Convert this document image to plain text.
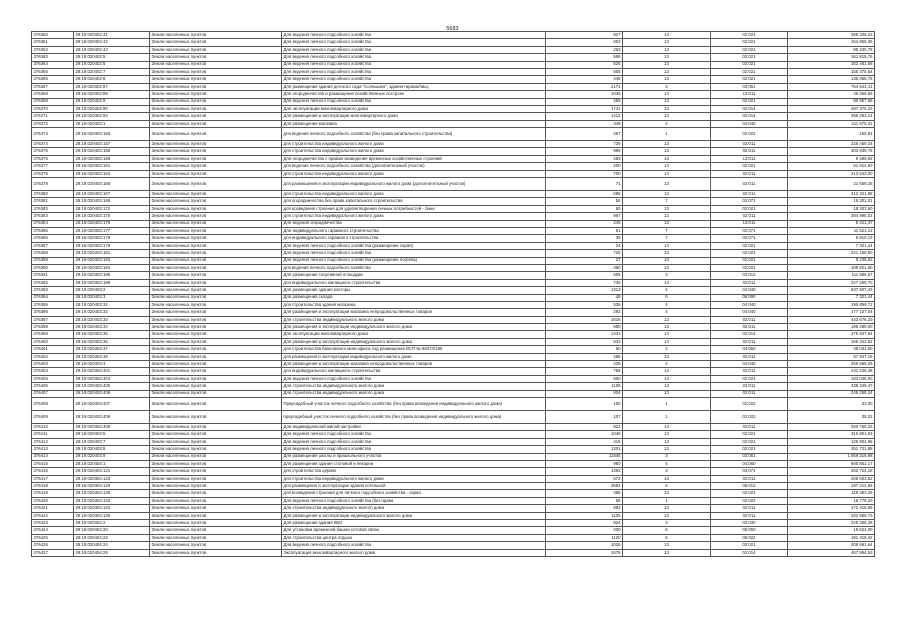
5683
376360	29:19:020402:41	Земли населенных пунктов	Для ведения личного подсобного хозяйства	827	13	02:021	255 335,22
376361	29:19:020402:42	Земли населенных пунктов	Для ведения личного подсобного хозяйства	603	13	02:021	164 856,36
376362	29:19:020402:43	Земли населенных пунктов	Для ведения личного подсобного хозяйства	263	13	02:021	89 230,78
376363	29:19:020402:5	Земли населенных пунктов	Для ведения личного подсобного хозяйства	596	13	02:021	161 815,76
376364	29:19:020402:6	Земли населенных пунктов	Для ведения личного подсобного хозяйства	526	13	02:021	162 461,56
376365	29:19:020402:7	Земли населенных пунктов	Для ведения личного подсобного хозяйства	505	13	02:021	155 375,54
376366	29:19:020402:8	Земли населенных пунктов	Для ведения личного подсобного хозяйства	448	13	02:021	136 056,76
376367	29:19:020402:87	Земли населенных пунктов	Для размещения здания детского сада "Солнышко", здания-гаража/пищ.	2171	3	03:051	754 643,41
376368	29:19:020402:89	Земли населенных пунктов	Для огородничества и размещения хозяйственных построек	1046	13	13:011	35 066,65
376369	29:19:020402:9	Земли населенных пунктов	Для ведения личного подсобного хозяйства	256	13	02:021	80 907,68
376370	29:19:020402:90	Земли населенных пунктов	Для эксплуатации многоквартирного дома	1741	13	02:014	487 375,32
376371	29:19:020402:93	Земли населенных пунктов	Для размещения и эксплуатации многоквартирного дома	1412	13	02:014	395 283,14
376372	29:19:020403:1	Земли населенных пунктов	Для размещения магазина	349	4	04:040	211 675,31
376373	29:19:020403:155	Земли населенных пунктов	для ведения личного подсобного хозяйства (без права капитального строительства)	457	1	02:022	150,81
376374	29:19:020403:157	Земли населенных пунктов	для строительства индивидуального жилого дома	739	13	02:011	225 459,34
376375	29:19:020403:158	Земли населенных пунктов	для строительства индивидуального жилого дома	996	13	02:011	303 839,76
376376	29:19:020403:159	Земли населенных пунктов	Для огородничества с правом возведения временных хозяйственных строений	283	13	13:011	9 489,82
376377	29:19:020403:161	Земли населенных пунктов	для ведения личного подсобного хозяйства (дополнительный участок)	200	13	02:021	61 012,60
376378	29:19:020403:163	Земли населенных пунктов	для строительства индивидуального жилого дома	700	13	02:011	213 542,00
376379	29:19:020403:165	Земли населенных пунктов	для размещения и эксплуатации индивидуального жилого дома (дополнительный участок)	71	13	02:011	21 659,26
376380	29:19:020403:167	Земли населенных пунктов	для строительства индивидуального жилого дома	696	13	02:011	212 321,88
376381	29:19:020403:168	Земли населенных пунктов	для огородничества без права капитального строительства	56	7	02:071	15 301,01
376382	29:19:020403:172	Земли населенных пунктов	для возведения строения для удовлетворения личных потребностей - бани	60	13	02:021	18 303,60
376383	29:19:020403:175	Земли населенных пунктов	для строительства индивидуального жилого дома	967	13	02:011	294 995,02
376384	29:19:020403:176	Земли населенных пунктов	Для ведения огородничества	245	13	13:011	8 221,37
376385	29:19:020403:177	Земли населенных пунктов	Для индивидуального гаражного строительства	51	7	02:071	11 521,13
376386	29:19:020403:178	Земли населенных пунктов	для индивидуального гаражного строительства	38	7	02:071	8 810,13
376387	29:19:020403:179	Земли населенных пунктов	Для ведения личного подсобного хозяйства (размещение сарая)	24	13	02:021	7 321,44
376388	29:19:020403:181	Земли населенных пунктов	Для ведения личного подсобного хозяйства	725	13	02:021	221 169,50
376389	29:19:020403:183	Земли населенных пунктов	Для ведения личного подсобного хозяйства (размещение погреба)	27	13	02:021	8 236,62
376390	29:19:020403:184	Земли населенных пунктов	для ведения личного подсобного хозяйства	360	13	02:021	109 821,60
376391	29:19:020403:185	Земли населенных пунктов	Для размещения спортивной площадки	505	3	03:012	111 686,57
376392	29:19:020403:189	Земли населенных пунктов	для индивидуального жилищного строительства	745	13	02:011	227 269,70
376393	29:19:020403:2	Земли населенных пунктов	Для размещения здания конторы	1313	4	04:040	637 507,43
376394	29:19:020403:3	Земли населенных пунктов	Для размещения склада	48	6	06:090	7 321,44
376395	29:19:020403:31	Земли населенных пунктов	для строительства здания магазина	536	4	04:040	290 859,72
376396	29:19:020403:32	Земли населенных пунктов	Для размещения и эксплуатации магазина непродовольственных товаров	292	4	04:040	177 107,04
376397	29:19:020403:33	Земли населенных пунктов	Для строительства индивидуального жилого дома	1616	13	02:011	443 676,20
376398	29:19:020403:34	Земли населенных пунктов	Для размещения и эксплуатации индивидуального жилого дома	650	13	02:011	198 289,00
376399	29:19:020403:35	Земли населенных пунктов	Для эксплуатации многоквартирного дома	1341	13	02:014	375 937,64
376400	29:19:020403:36	Земли населенных пунктов	Для размещения и эксплуатации индивидуального жилого дома	542	13	02:011	165 342,52
376401	29:19:020403:37	Земли населенных пунктов	для строительства банковского минi-офиса под размещение ВСП № 8637/0189	60	4	04:050	38 031,60
376402	29:19:020403:38	Земли населенных пунктов	для размещения и эксплуатации индивидуального жилого дома	288	13	02:011	87 847,16
376403	29:19:020403:4	Земли населенных пунктов	Для размещения и эксплуатации магазина непродовольственных товаров	428	4	04:040	259 595,25
376404	29:19:020403:401	Земли населенных пунктов	для индивидуального жилищного строительства	758	13	02:011	231 235,48
376405	29:19:020403:404	Земли населенных пунктов	Для ведения личного подсобного хозяйства	600	13	02:021	183 036,00
376406	29:19:020403:405	Земли населенных пунктов	Для строительства индивидуального жилого дома	1108	13	02:011	338 349,47
376407	29:19:020403:406	Земли населенных пунктов	Для строительства индивидуального жилого дома	804	13	02:011	245 268,24
376408	29:19:020403:407	Земли населенных пунктов	Приусадебный участок личного подсобного хозяйства (без права возведения индивидуального жилого дома)	100	1	02:022	33,00
376409	29:19:020403:408	Земли населенных пунктов	приусадебный участок личного подсобного хозяйства (без права возведения индивидуального жилого дома)	107	1	02:022	35,31
376410	29:19:020403:409	Земли населенных пунктов	Для индивидуальной жилой застройки	822	13	02:011	250 759,32
376411	29:19:020403:5	Земли населенных пунктов	Для ведения личного подсобного хозяйства	1046	13	02:021	316 901,63
376412	29:19:020403:7	Земли населенных пунктов	Для ведения личного подсобного хозяйства	416	13	02:021	126 904,96
376413	29:19:020403:8	Земли населенных пунктов	Для ведения личного подсобного хозяйства	1201	13	02:021	351 721,88
376414	29:19:020403:9	Земли населенных пунктов	Для размещения школы и пришкольного участка	11845	3	03:051	1 859 316,98
376415	29:19:020404:1	Земли населенных пунктов	Для размещения здания столовой и пекарни	960	4	04:060	560 851,17
376416	29:19:020404:121	Земли населенных пунктов	для строительства церкви	1392	3	03:071	262 724,18
376417	29:19:020404:123	Земли населенных пунктов	для строительства индивидуального жилого дома	672	13	02:011	205 003,52
376418	29:19:020404:129	Земли населенных пунктов	для размещения и эксплуатации здания котельной	3694	6	06:012	197 212,56
376419	29:19:020404:130	Земли населенных пунктов	для возведения строения для личного подсобного хозяйства - сарая	388	13	02:021	118 363,28
376420	29:19:020404:132	Земли населенных пунктов	Для ведения личного подсобного хозяйства (без права	55	1	02:022	16 778,20
376421	29:19:020404:134	Земли населенных пунктов	Для строительства индивидуального жилого дома	893	13	02:011	272 418,58
376422	29:19:020404:135	Земли населенных пунктов	Для размещения и эксплуатации индивидуального жилого дома	1125	13	02:011	332 856,73
376423	29:19:020404:2	Земли населенных пунктов	Для размещения здания КБО	824	3	03:030	225 286,39
376424	29:19:020404:20	Земли населенных пунктов	Для установки временной башни сотовой связи	400	6	06:050	19 624,00
376425	29:19:020404:23	Земли населенных пунктов	Для строительства центра отдыха	1120	5	05:022	191 418,42
376426	29:19:020404:24	Земли населенных пунктов	Для ведения личного подсобного хозяйства	1026	13	02:021	309 661,64
376427	29:19:020404:25	Земли населенных пунктов	Эксплуатация многоквартирного жилого дома	1676	13	02:014	467 894,53
